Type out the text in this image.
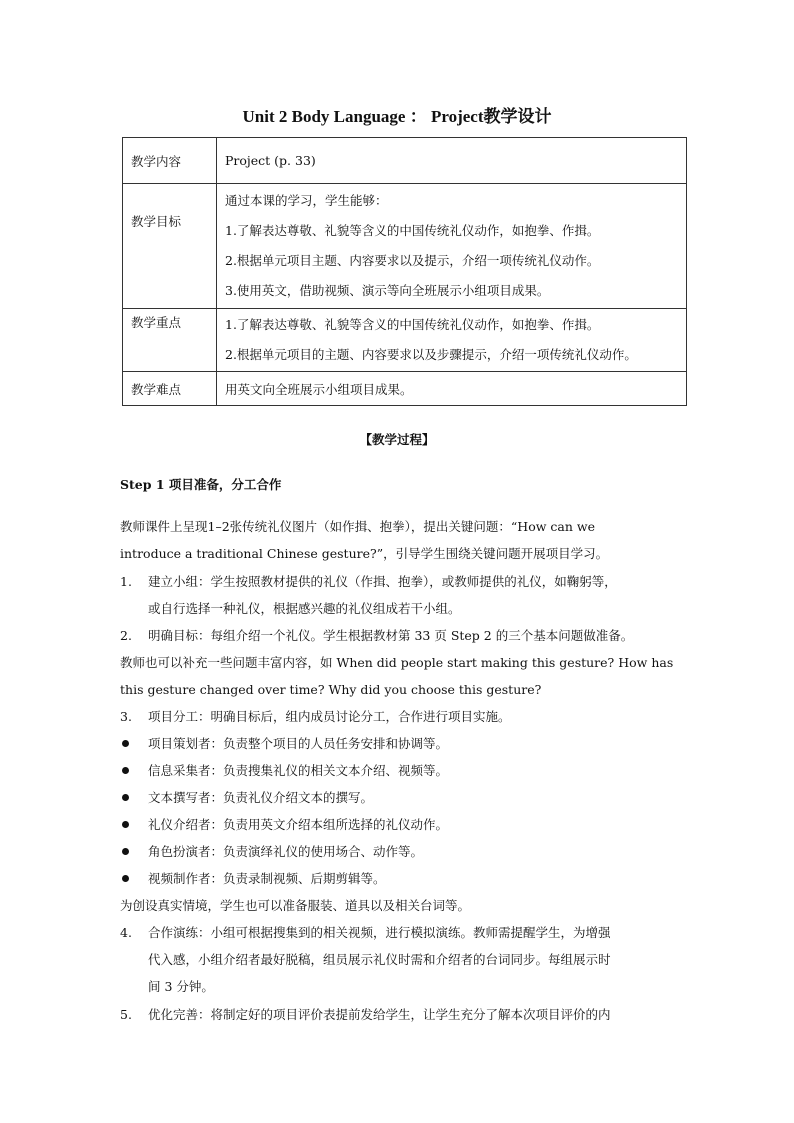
Unit 2 Body Language ： Project教学设计
教学内容	Project (p. 33)
教学目标	通过本课的学习，学生能够：
1.了解表达尊敬、礼貌等含义的中国传统礼仪动作，如抱拳、作揖。
2.根据单元项目主题、内容要求以及提示，介绍一项传统礼仪动作。
3.使用英文，借助视频、演示等向全班展示小组项目成果。

教学重点	1.了解表达尊敬、礼貌等含义的中国传统礼仪动作，如抱拳、作揖。
2.根据单元项目的主题、内容要求以及步骤提示，介绍一项传统礼仪动作。

教学难点	用英文向全班展示小组项目成果。
【教学过程】
Step 1 项目准备，分工合作
教师课件上呈现1–2张传统礼仪图片（如作揖、抱拳），提出关键问题：“How can we
introduce a traditional Chinese gesture?”，引导学生围绕关键问题开展项目学习。
1.	建立小组：学生按照教材提供的礼仪（作揖、抱拳），或教师提供的礼仪，如鞠躬等，
或自行选择一种礼仪，根据感兴趣的礼仪组成若干小组。
2.	明确目标：每组介绍一个礼仪。学生根据教材第 33 页 Step 2 的三个基本问题做准备。
教师也可以补充一些问题丰富内容，如 When did people start making this gesture? How has
this gesture changed over time? Why did you choose this gesture?
3.	项目分工：明确目标后，组内成员讨论分工，合作进行项目实施。
项目策划者：负责整个项目的人员任务安排和协调等。
信息采集者：负责搜集礼仪的相关文本介绍、视频等。
文本撰写者：负责礼仪介绍文本的撰写。
礼仪介绍者：负责用英文介绍本组所选择的礼仪动作。
角色扮演者：负责演绎礼仪的使用场合、动作等。
视频制作者：负责录制视频、后期剪辑等。
为创设真实情境，学生也可以准备服装、道具以及相关台词等。
4.	合作演练：小组可根据搜集到的相关视频，进行模拟演练。教师需提醒学生，为增强
代入感，小组介绍者最好脱稿，组员展示礼仪时需和介绍者的台词同步。每组展示时
间 3 分钟。
5.	优化完善：将制定好的项目评价表提前发给学生，让学生充分了解本次项目评价的内
